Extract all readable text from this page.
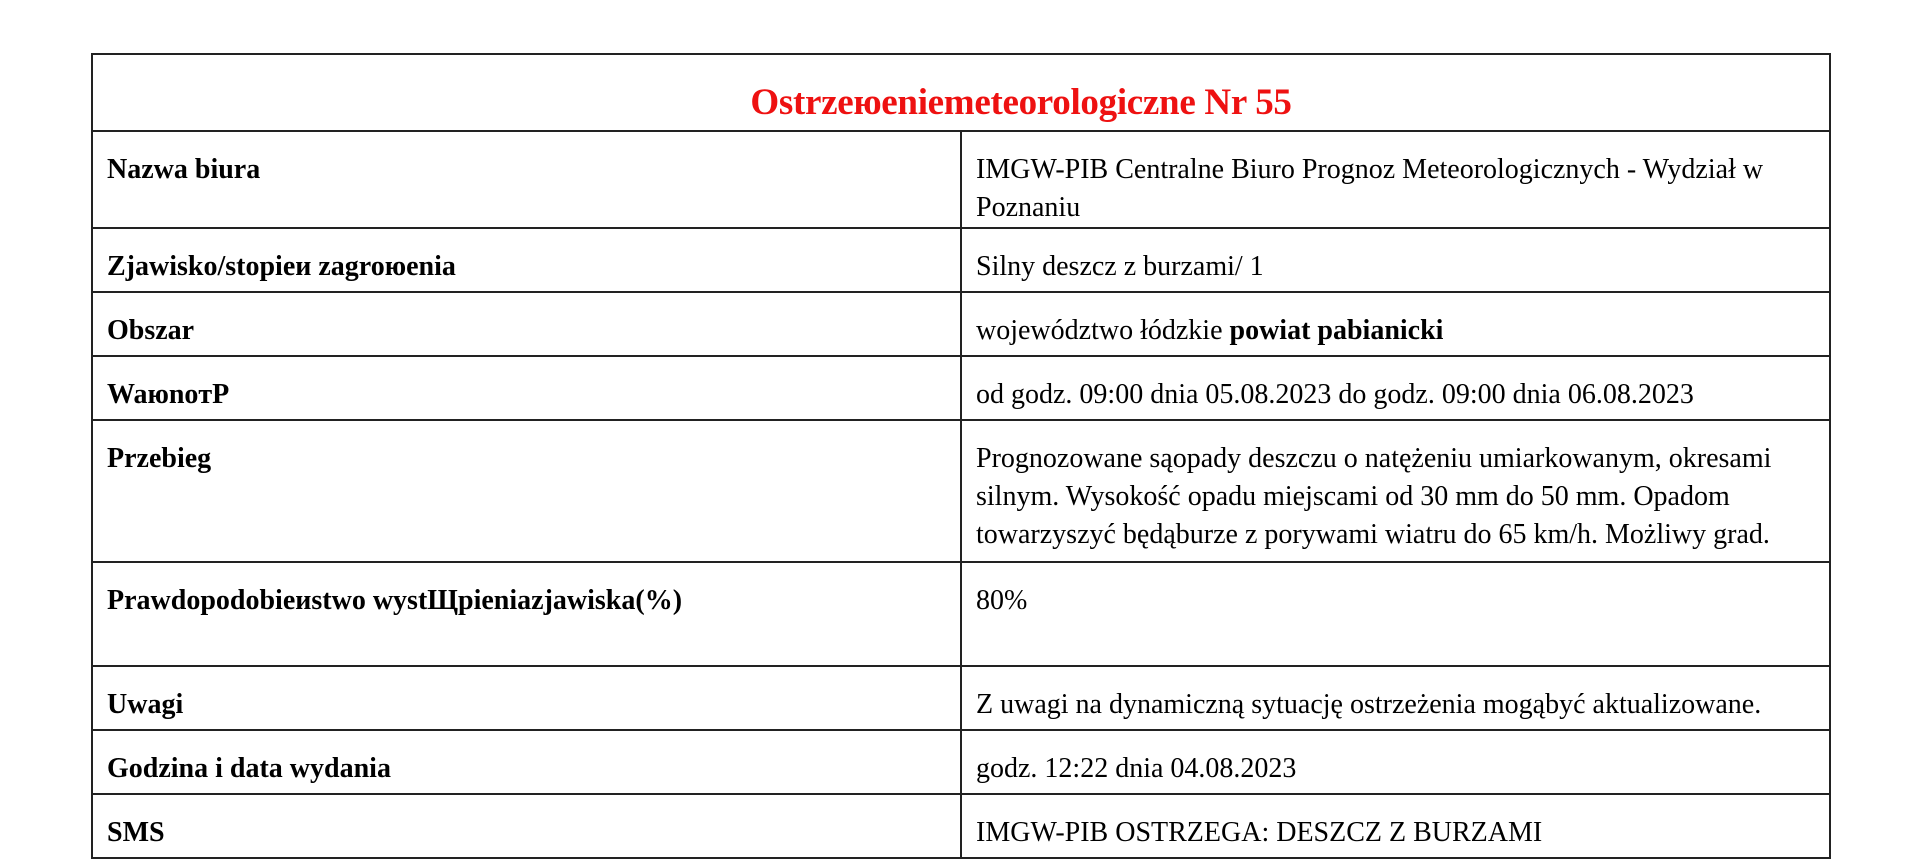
Ostrzeюeniemeteorologiczne Nr 55	

Nazwa biura	IMGW-PIB Centralne Biuro Prognoz Meteorologicznych - Wydział w Poznaniu

Zjawisko/stopieи zagroюenia	Silny deszcz z burzami/ 1

Obszar	województwo łódzkie powiat pabianicki

WaюnoтР	od godz. 09:00 dnia 05.08.2023 do godz. 09:00 dnia 06.08.2023

Przebieg	Prognozowane sąopady deszczu o natężeniu umiarkowanym, okresami silnym. Wysokość opadu miejscami od 30 mm do 50 mm. Opadom towarzyszyć będąburze z porywami wiatru do 65 km/h. Możliwy grad.

Prawdopodobieиstwo wystЩpieniazjawiska(%)	80%

Uwagi	Z uwagi na dynamiczną sytuację ostrzeżenia mogąbyć aktualizowane.

Godzina i data wydania	godz. 12:22 dnia 04.08.2023

SMS	IMGW-PIB OSTRZEGA: DESZCZ Z BURZAMI
